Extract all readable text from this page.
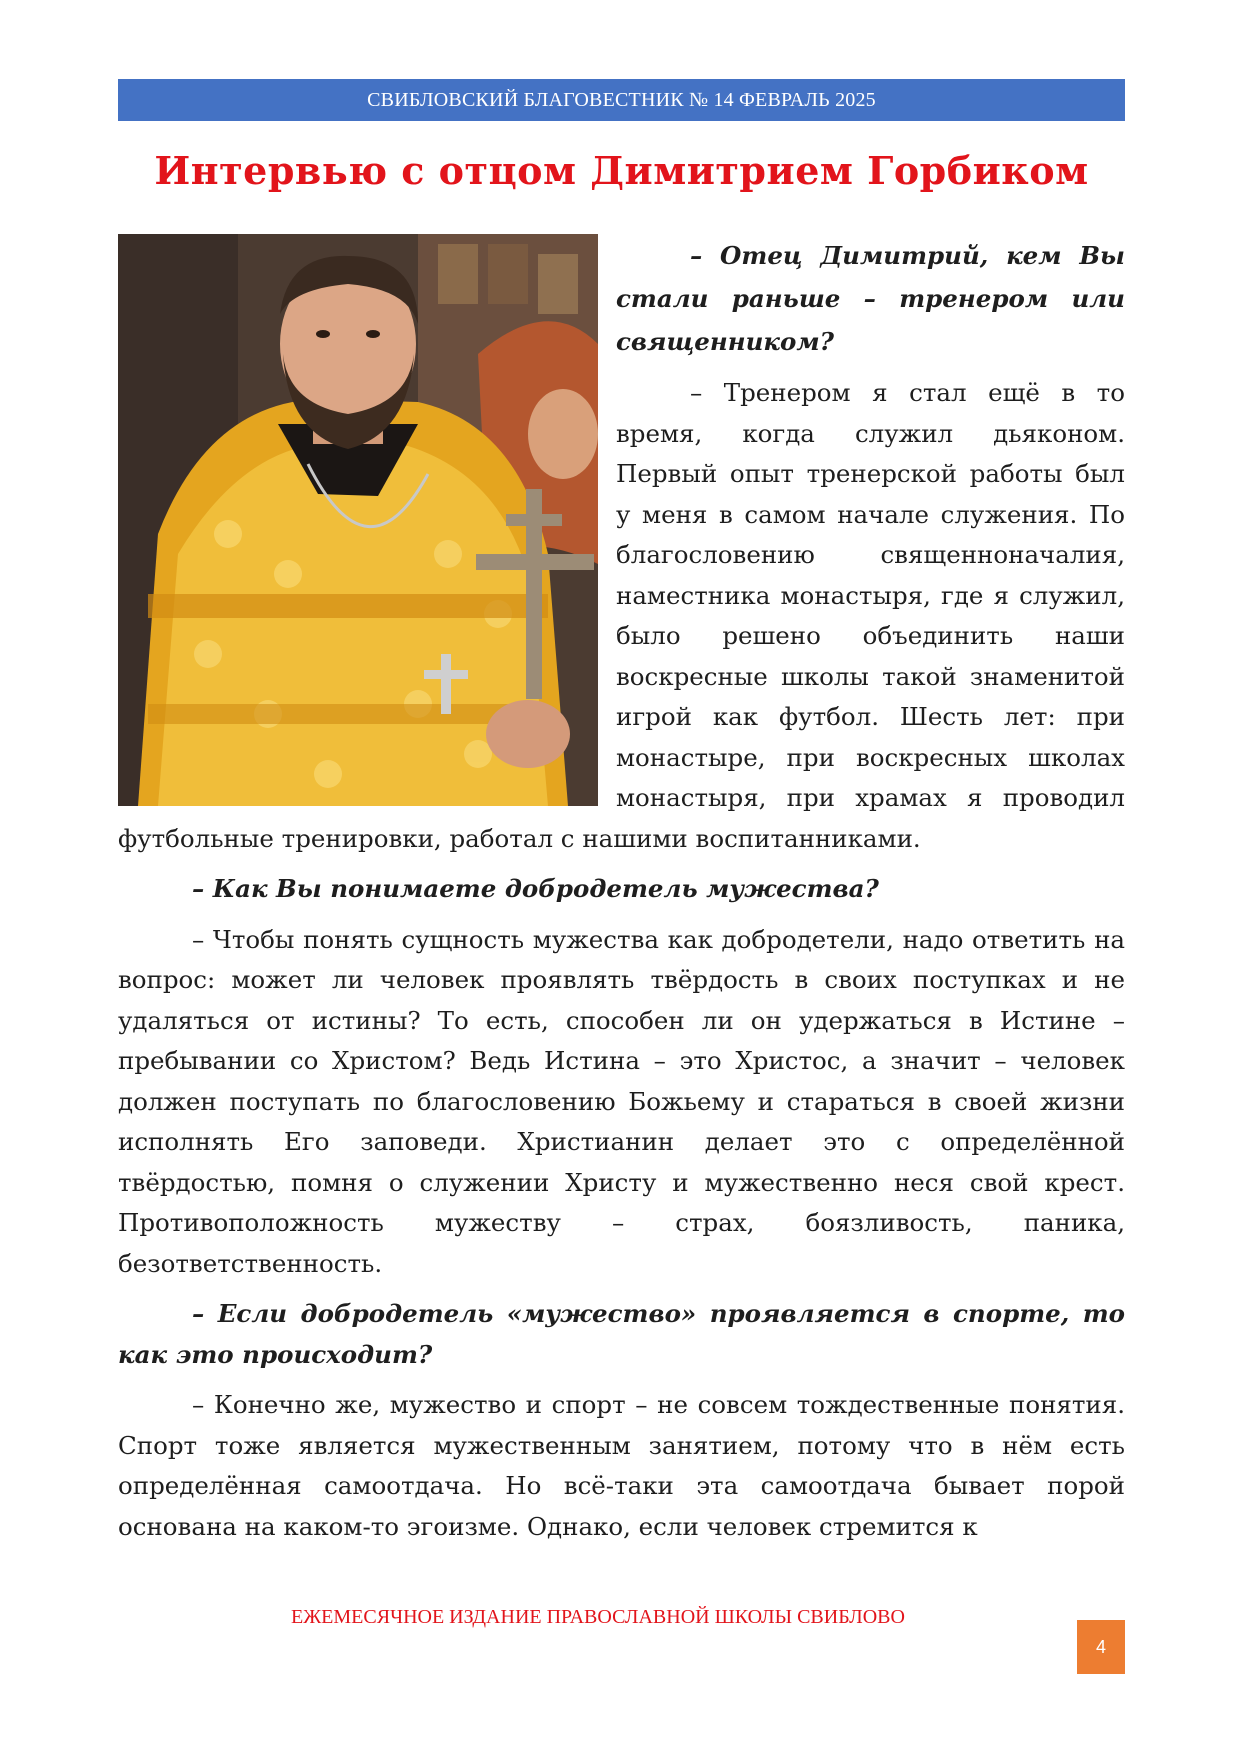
СВИБЛОВСКИЙ БЛАГОВЕСТНИК № 14 ФЕВРАЛЬ 2025
Интервью с отцом Димитрием Горбиком

– Отец Димитрий, кем Вы стали раньше – тренером или священником?

– Тренером я стал ещё в то время, когда служил дьяконом. Первый опыт тренерской работы был у меня в самом начале служения. По благословению священноначалия, наместника монастыря, где я служил, было решено объединить наши воскресные школы такой знаменитой игрой как футбол. Шесть лет: при монастыре, при воскресных школах монастыря, при храмах я проводил футбольные тренировки, работал с нашими воспитанниками.

– Как Вы понимаете добродетель мужества?

– Чтобы понять сущность мужества как добродетели, надо ответить на вопрос: может ли человек проявлять твёрдость в своих поступках и не удаляться от истины? То есть, способен ли он удержаться в Истине – пребывании со Христом? Ведь Истина – это Христос, а значит – человек должен поступать по благословению Божьему и стараться в своей жизни исполнять Его заповеди. Христианин делает это с определённой твёрдостью, помня о служении Христу и мужественно неся свой крест. Противоположность мужеству – страх, боязливость, паника, безответственность.

– Если добродетель «мужество» проявляется в спорте, то как это происходит?

– Конечно же, мужество и спорт – не совсем тождественные понятия. Спорт тоже является мужественным занятием, потому что в нём есть определённая самоотдача. Но всё-таки эта самоотдача бывает порой основана на каком-то эгоизме. Однако, если человек стремится к

ЕЖЕМЕСЯЧНОЕ ИЗДАНИЕ ПРАВОСЛАВНОЙ ШКОЛЫ СВИБЛОВО
4
